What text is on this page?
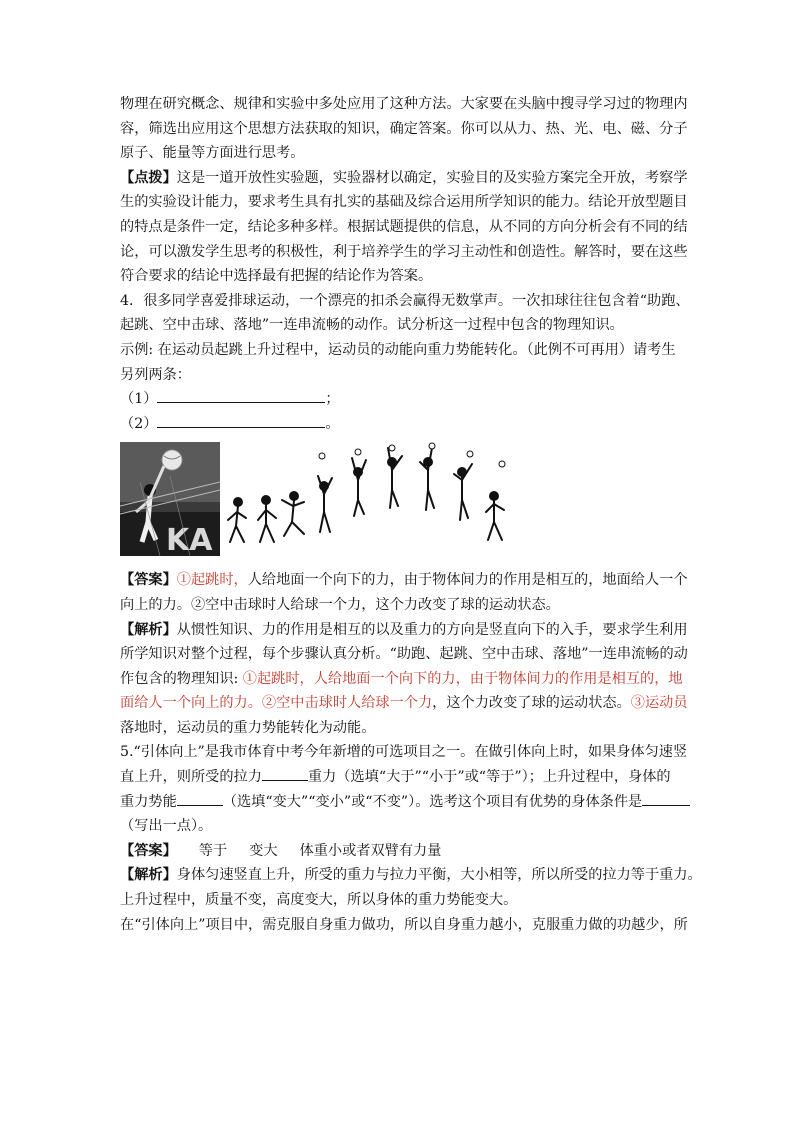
物理在研究概念、规律和实验中多处应用了这种方法。大家要在头脑中搜寻学习过的物理内

容，筛选出应用这个思想方法获取的知识，确定答案。你可以从力、热、光、电、磁、分子

原子、能量等方面进行思考。

【点拨】这是一道开放性实验题，实验器材以确定，实验目的及实验方案完全开放，考察学

生的实验设计能力，要求考生具有扎实的基础及综合运用所学知识的能力。结论开放型题目

的特点是条件一定，结论多种多样。根据试题提供的信息，从不同的方向分析会有不同的结

论，可以激发学生思考的积极性，利于培养学生的学习主动性和创造性。解答时，要在这些

符合要求的结论中选择最有把握的结论作为答案。

4．很多同学喜爱排球运动，一个漂亮的扣杀会赢得无数掌声。一次扣球往往包含着“助跑、

起跳、空中击球、落地”一连串流畅的动作。试分析这一过程中包含的物理知识。

示例: 在运动员起跳上升过程中，运动员的动能向重力势能转化。（此例不可再用）请考生

另列两条：

（1）	；

（2）	。

KA

【答案】①起跳时，人给地面一个向下的力，由于物体间力的作用是相互的，地面给人一个

向上的力。②空中击球时人给球一个力，这个力改变了球的运动状态。

【解析】从惯性知识、力的作用是相互的以及重力的方向是竖直向下的入手，要求学生利用

所学知识对整个过程，每个步骤认真分析。“助跑、起跳、空中击球、落地”一连串流畅的动

作包含的物理知识: ①起跳时，人给地面一个向下的力，由于物体间力的作用是相互的，地

面给人一个向上的力。②空中击球时人给球一个力，这个力改变了球的运动状态。③运动员

落地时，运动员的重力势能转化为动能。

5.“引体向上”是我市体育中考今年新增的可选项目之一。在做引体向上时，如果身体匀速竖

直上升，则所受的拉力	重力（选填“大于”“小于”或“等于”）；上升过程中，身体的

重力势能	（选填“变大”“变小”或“不变”）。选考这个项目有优势的身体条件是

（写出一点）。

【答案】 等于 变大 体重小或者双臂有力量

【解析】身体匀速竖直上升，所受的重力与拉力平衡，大小相等，所以所受的拉力等于重力。

上升过程中，质量不变，高度变大，所以身体的重力势能变大。

在“引体向上”项目中，需克服自身重力做功，所以自身重力越小，克服重力做的功越少，所
